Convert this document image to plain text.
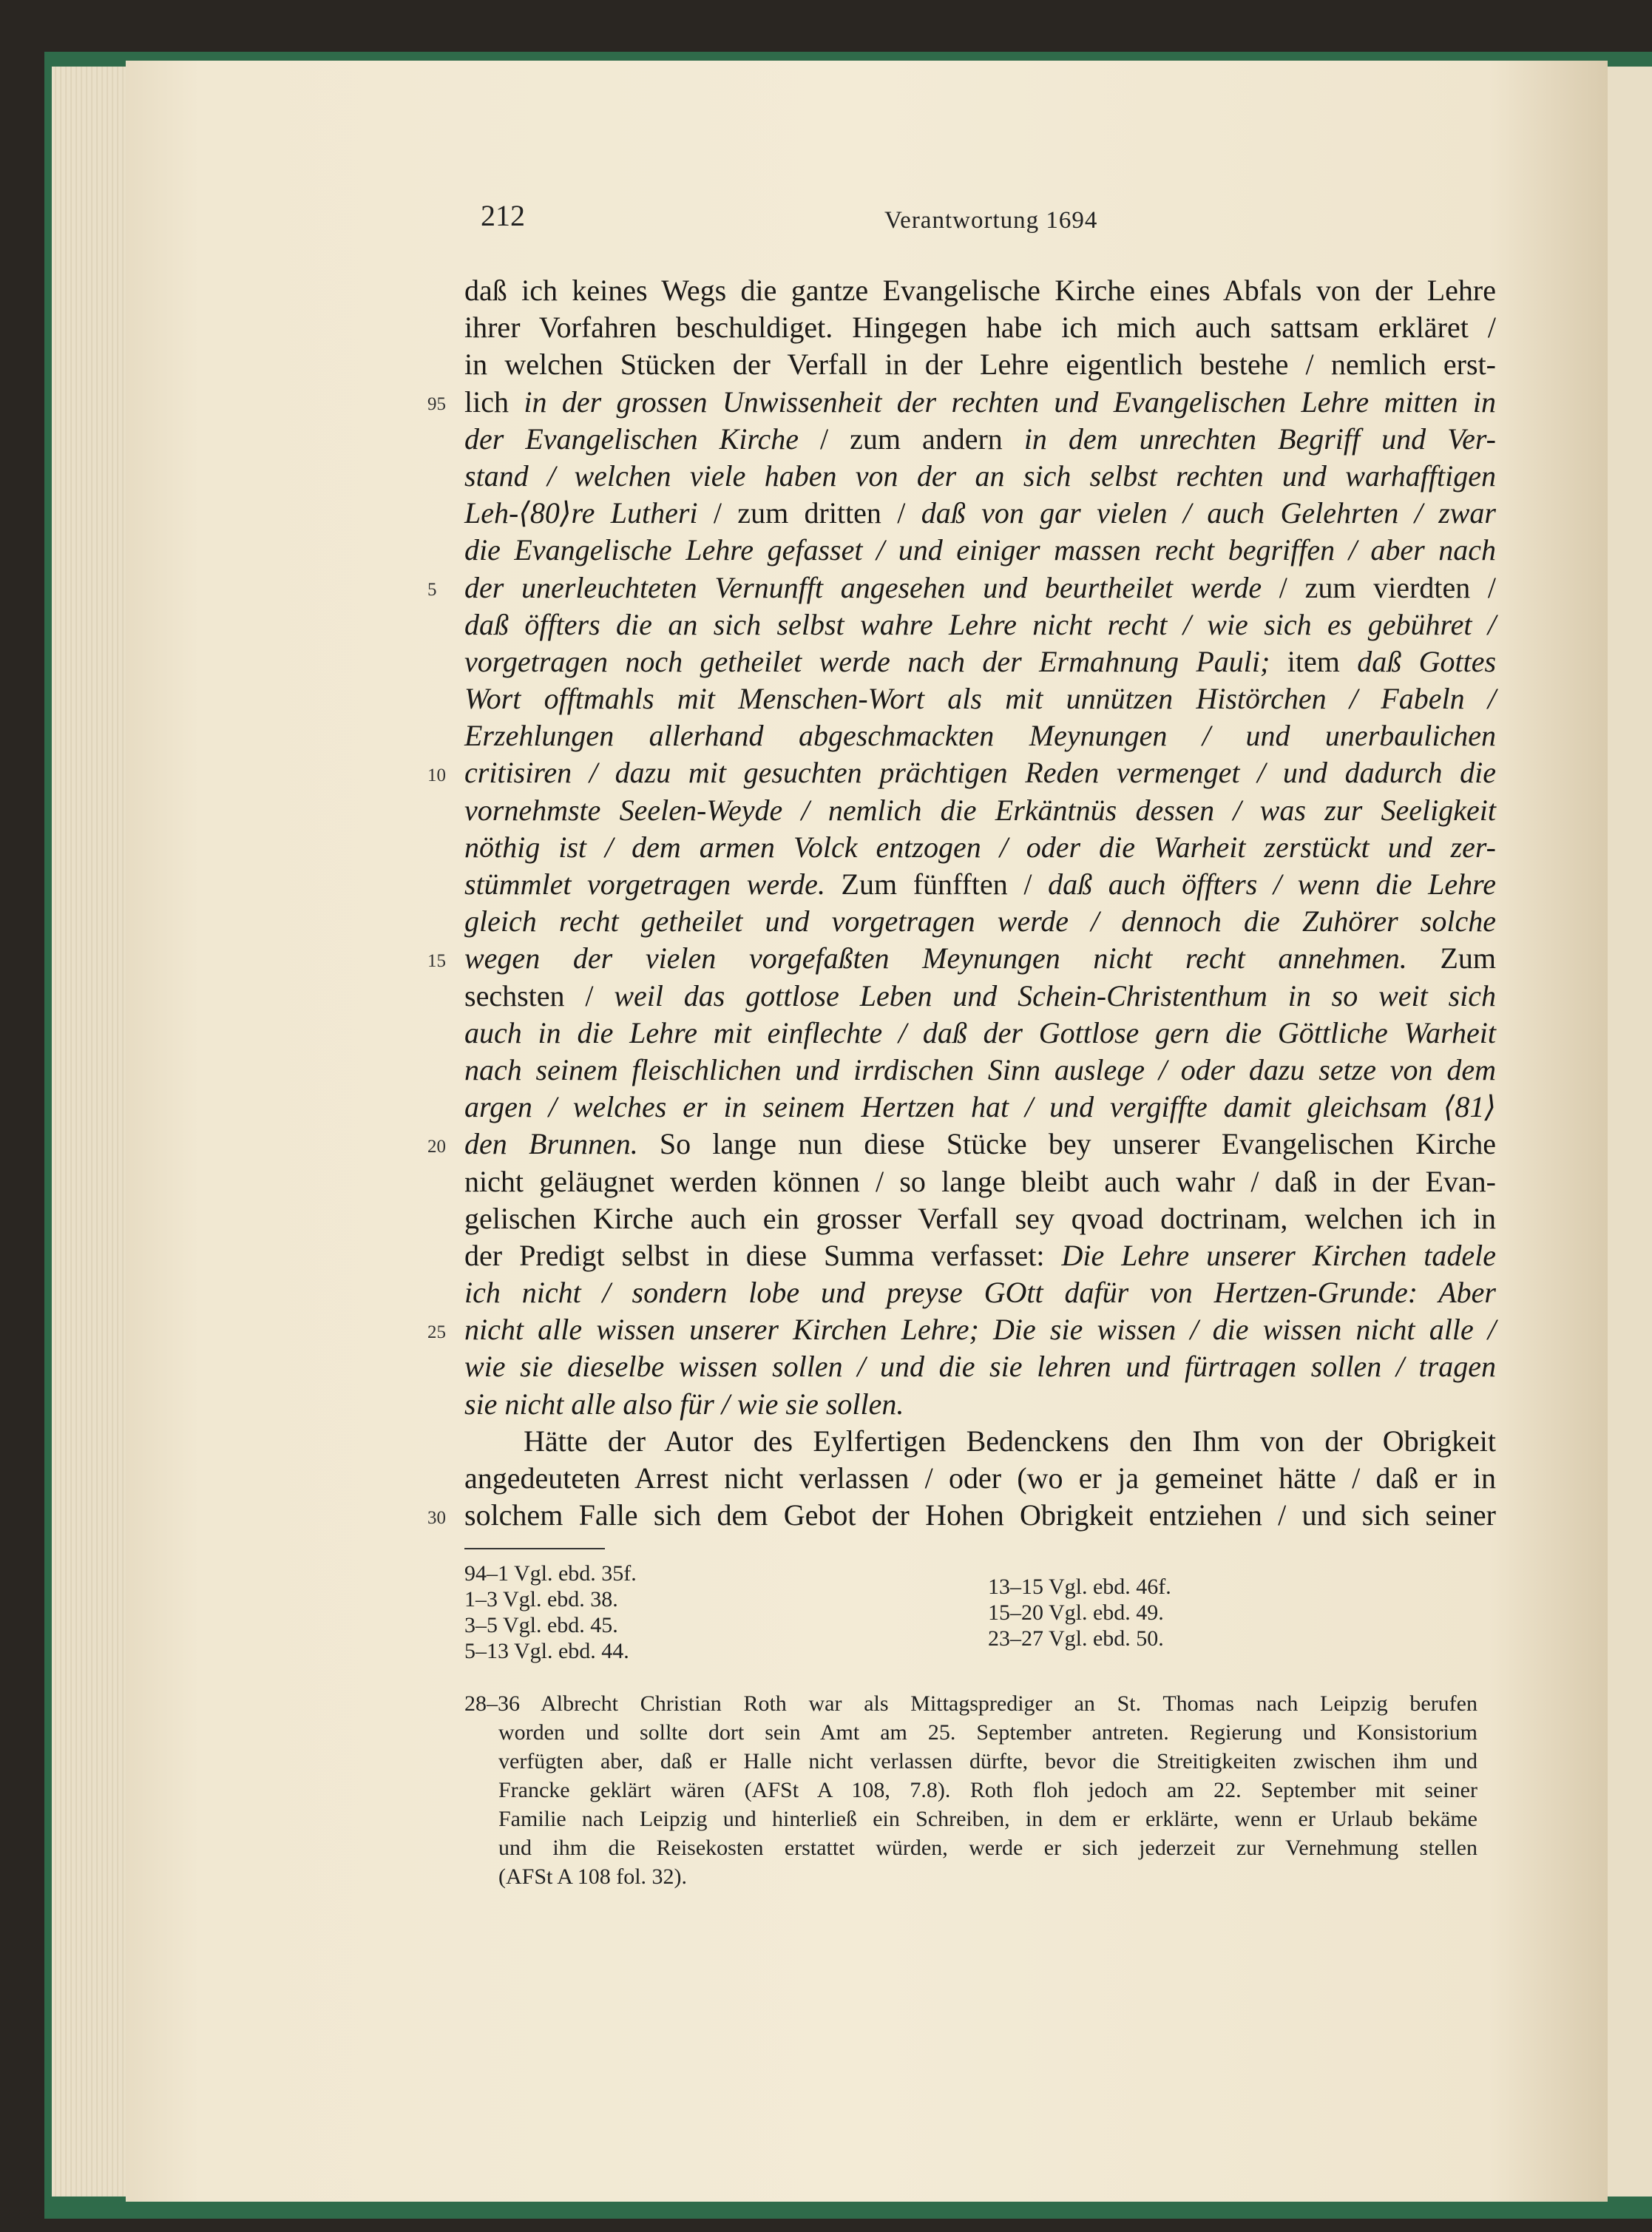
212	Verantwortung 1694
95
5
10
15
20
25
30
daß ich keines Wegs die gantze Evangelische Kirche eines Abfals von der Lehre
ihrer Vorfahren beschuldiget. Hingegen habe ich mich auch sattsam erkläret /
in welchen Stücken der Verfall in der Lehre eigentlich bestehe / nemlich erst-
lich in der grossen Unwissenheit der rechten und Evangelischen Lehre mitten in
der Evangelischen Kirche / zum andern in dem unrechten Begriff und Ver-
stand / welchen viele haben von der an sich selbst rechten und warhafftigen
Leh-⟨80⟩re Lutheri / zum dritten / daß von gar vielen / auch Gelehrten / zwar
die Evangelische Lehre gefasset / und einiger massen recht begriffen / aber nach
der unerleuchteten Vernunfft angesehen und beurtheilet werde / zum vierdten /
daß öffters die an sich selbst wahre Lehre nicht recht / wie sich es gebühret /
vorgetragen noch getheilet werde nach der Ermahnung Pauli; item daß Gottes
Wort offtmahls mit Menschen-Wort als mit unnützen Histörchen / Fabeln /
Erzehlungen allerhand abgeschmackten Meynungen / und unerbaulichen
critisiren / dazu mit gesuchten prächtigen Reden vermenget / und dadurch die
vornehmste Seelen-Weyde / nemlich die Erkäntnüs dessen / was zur Seeligkeit
nöthig ist / dem armen Volck entzogen / oder die Warheit zerstückt und zer-
stümmlet vorgetragen werde. Zum fünfften / daß auch öffters / wenn die Lehre
gleich recht getheilet und vorgetragen werde / dennoch die Zuhörer solche
wegen der vielen vorgefaßten Meynungen nicht recht annehmen. Zum
sechsten / weil das gottlose Leben und Schein-Christenthum in so weit sich
auch in die Lehre mit einflechte / daß der Gottlose gern die Göttliche Warheit
nach seinem fleischlichen und irrdischen Sinn auslege / oder dazu setze von dem
argen / welches er in seinem Hertzen hat / und vergiffte damit gleichsam ⟨81⟩
den Brunnen. So lange nun diese Stücke bey unserer Evangelischen Kirche
nicht geläugnet werden können / so lange bleibt auch wahr / daß in der Evan-
gelischen Kirche auch ein grosser Verfall sey qvoad doctrinam, welchen ich in
der Predigt selbst in diese Summa verfasset: Die Lehre unserer Kirchen tadele
ich nicht / sondern lobe und preyse GOtt dafür von Hertzen-Grunde: Aber
nicht alle wissen unserer Kirchen Lehre; Die sie wissen / die wissen nicht alle /
wie sie dieselbe wissen sollen / und die sie lehren und fürtragen sollen / tragen
sie nicht alle also für / wie sie sollen.
Hätte der Autor des Eylfertigen Bedenckens den Ihm von der Obrigkeit
angedeuteten Arrest nicht verlassen / oder (wo er ja gemeinet hätte / daß er in
solchem Falle sich dem Gebot der Hohen Obrigkeit entziehen / und sich seiner
94–1 Vgl. ebd. 35f.
1–3 Vgl. ebd. 38.
3–5 Vgl. ebd. 45.
5–13 Vgl. ebd. 44.
13–15 Vgl. ebd. 46f.
15–20 Vgl. ebd. 49.
23–27 Vgl. ebd. 50.
28–36 Albrecht Christian Roth war als Mittagsprediger an St. Thomas nach Leipzig berufen
worden und sollte dort sein Amt am 25. September antreten. Regierung und Konsistorium
verfügten aber, daß er Halle nicht verlassen dürfte, bevor die Streitigkeiten zwischen ihm und
Francke geklärt wären (AFSt A 108, 7.8). Roth floh jedoch am 22. September mit seiner
Familie nach Leipzig und hinterließ ein Schreiben, in dem er erklärte, wenn er Urlaub bekäme
und ihm die Reisekosten erstattet würden, werde er sich jederzeit zur Vernehmung stellen
(AFSt A 108 fol. 32).
